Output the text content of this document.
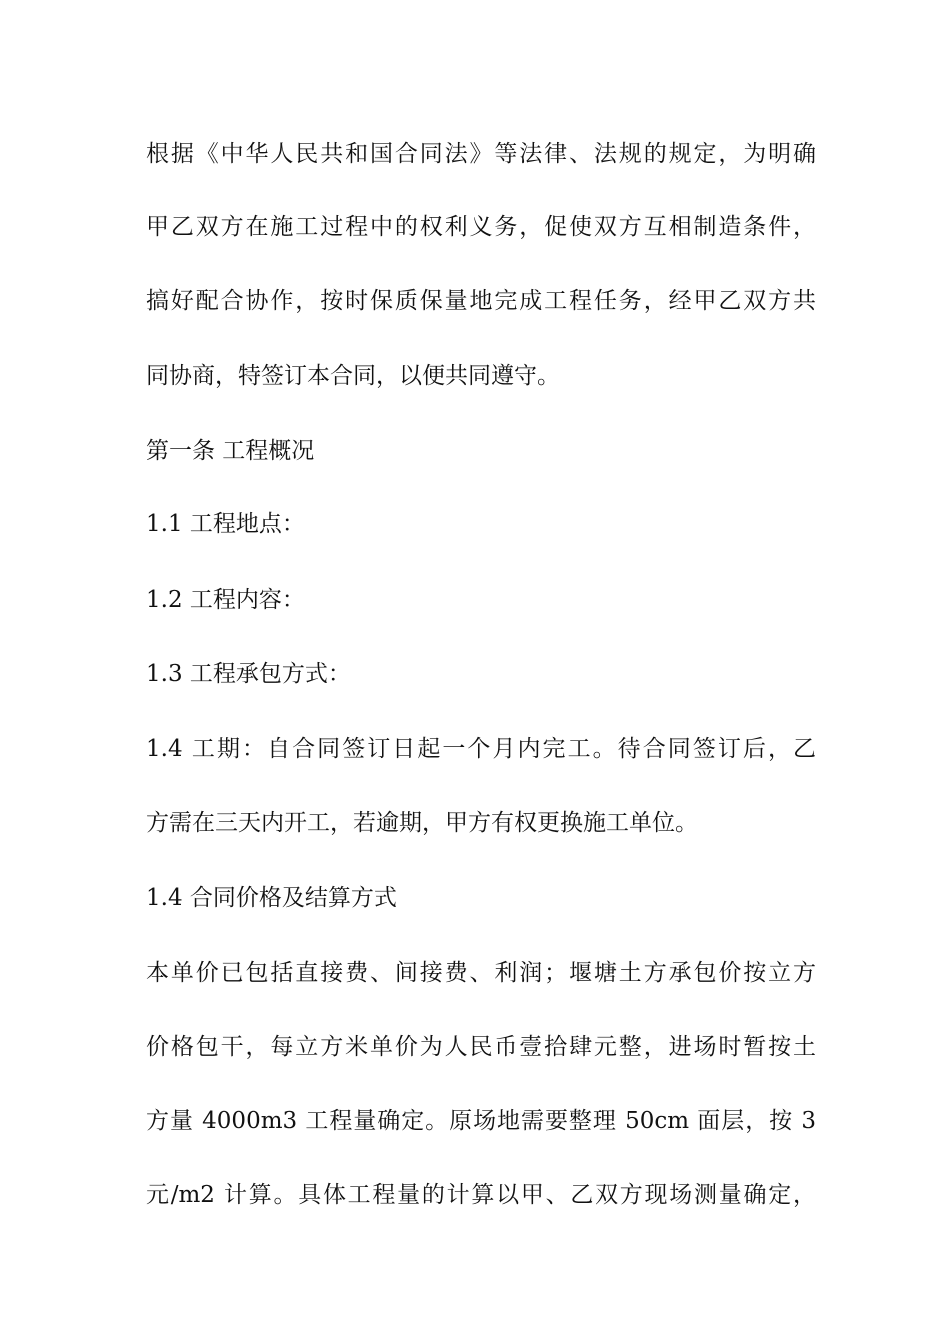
根据《中华人民共和国合同法》等法律、法规的规定，为明确
甲乙双方在施工过程中的权利义务，促使双方互相制造条件，
搞好配合协作，按时保质保量地完成工程任务，经甲乙双方共
同协商，特签订本合同，以便共同遵守。
第一条 工程概况
1.1 工程地点：
1.2 工程内容：
1.3 工程承包方式：
1.4 工期：自合同签订日起一个月内完工。待合同签订后，乙
方需在三天内开工，若逾期，甲方有权更换施工单位。
1.4 合同价格及结算方式
本单价已包括直接费、间接费、利润；堰塘土方承包价按立方
价格包干，每立方米单价为人民币壹拾肆元整，进场时暂按土
方量 4000m3 工程量确定。原场地需要整理 50cm 面层，按 3
元/m2 计算。具体工程量的计算以甲、乙双方现场测量确定，
